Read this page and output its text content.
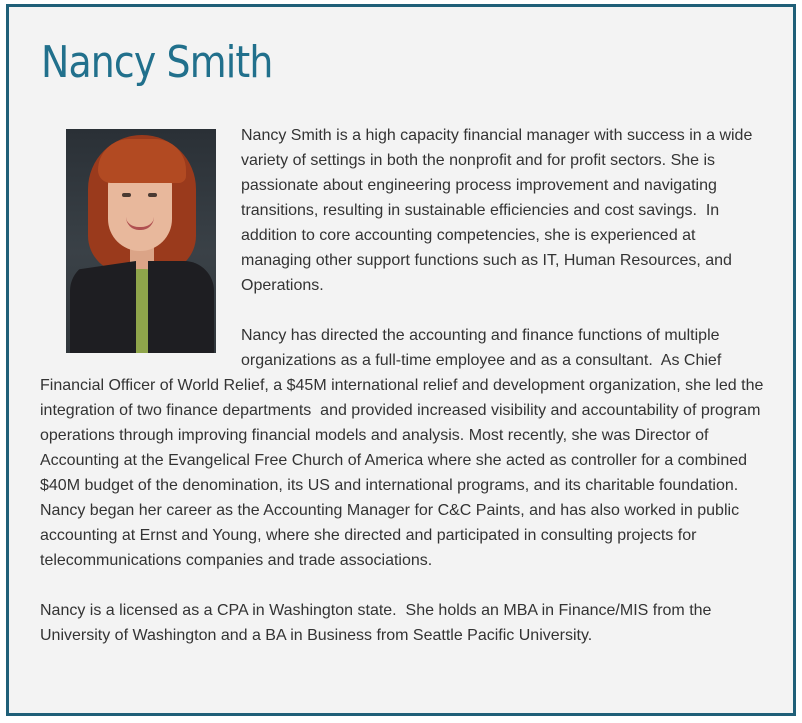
Nancy Smith

Nancy Smith is a high capacity financial manager with success in a wide variety of settings in both the nonprofit and for profit sectors. She is passionate about engineering process improvement and navigating transitions, resulting in sustainable efficiencies and cost savings.  In addition to core accounting competencies, she is experienced at managing other support functions such as IT, Human Resources, and Operations.

Nancy has directed the accounting and finance functions of multiple organizations as a full-time employee and as a consultant.  As Chief Financial Officer of World Relief, a $45M international relief and development organization, she led the integration of two finance departments  and provided increased visibility and accountability of program operations through improving financial models and analysis. Most recently, she was Director of Accounting at the Evangelical Free Church of America where she acted as controller for a combined $40M budget of the denomination, its US and international programs, and its charitable foundation.  Nancy began her career as the Accounting Manager for C&C Paints, and has also worked in public accounting at Ernst and Young, where she directed and participated in consulting projects for telecommunications companies and trade associations.

Nancy is a licensed as a CPA in Washington state.  She holds an MBA in Finance/MIS from the University of Washington and a BA in Business from Seattle Pacific University.
